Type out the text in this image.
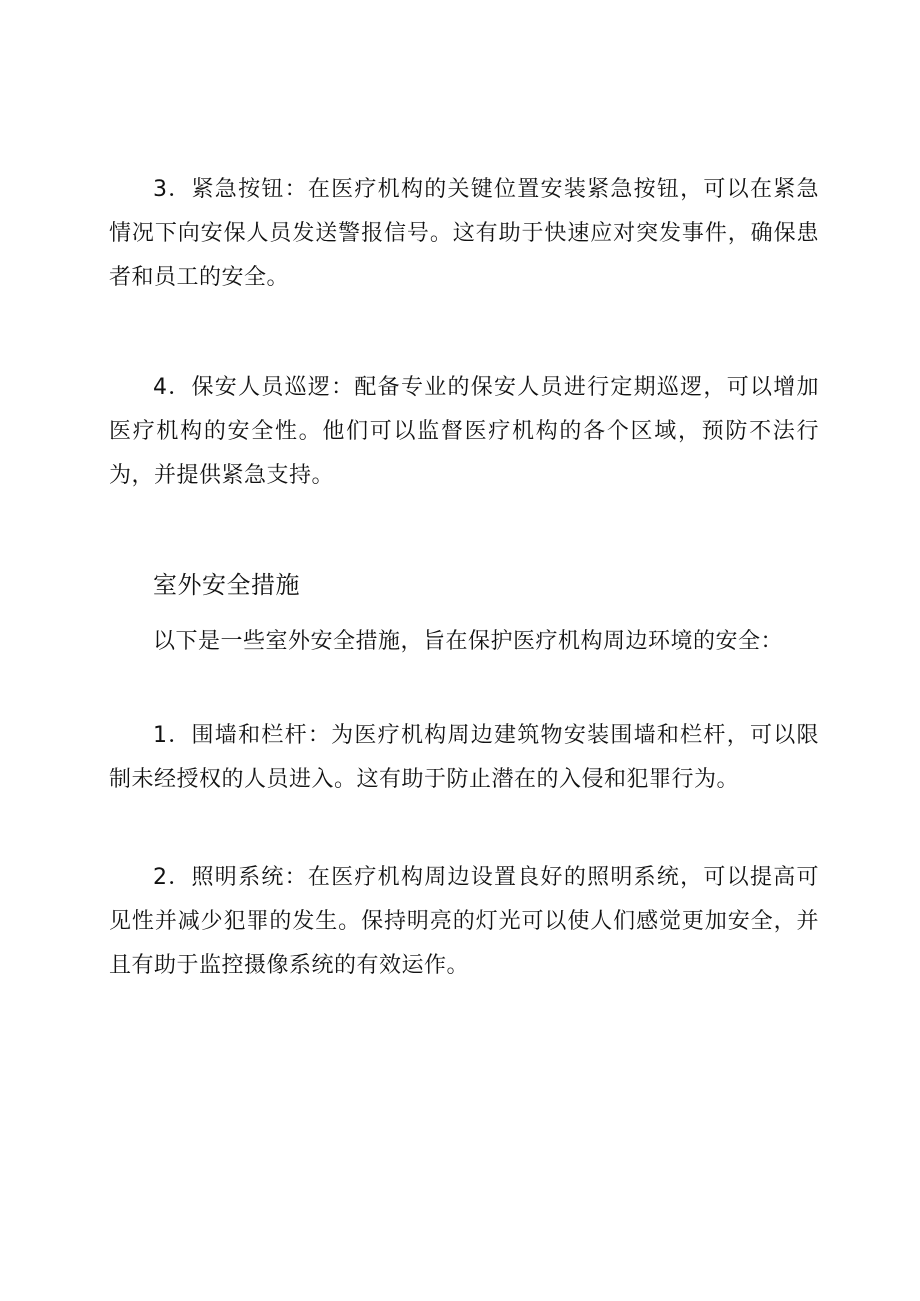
3．紧急按钮：在医疗机构的关键位置安装紧急按钮，可以在紧急情况下向安保人员发送警报信号。这有助于快速应对突发事件，确保患者和员工的安全。

4．保安人员巡逻：配备专业的保安人员进行定期巡逻，可以增加医疗机构的安全性。他们可以监督医疗机构的各个区域，预防不法行为，并提供紧急支持。

室外安全措施

以下是一些室外安全措施，旨在保护医疗机构周边环境的安全：

1．围墙和栏杆：为医疗机构周边建筑物安装围墙和栏杆，可以限制未经授权的人员进入。这有助于防止潜在的入侵和犯罪行为。

2．照明系统：在医疗机构周边设置良好的照明系统，可以提高可见性并减少犯罪的发生。保持明亮的灯光可以使人们感觉更加安全，并且有助于监控摄像系统的有效运作。
